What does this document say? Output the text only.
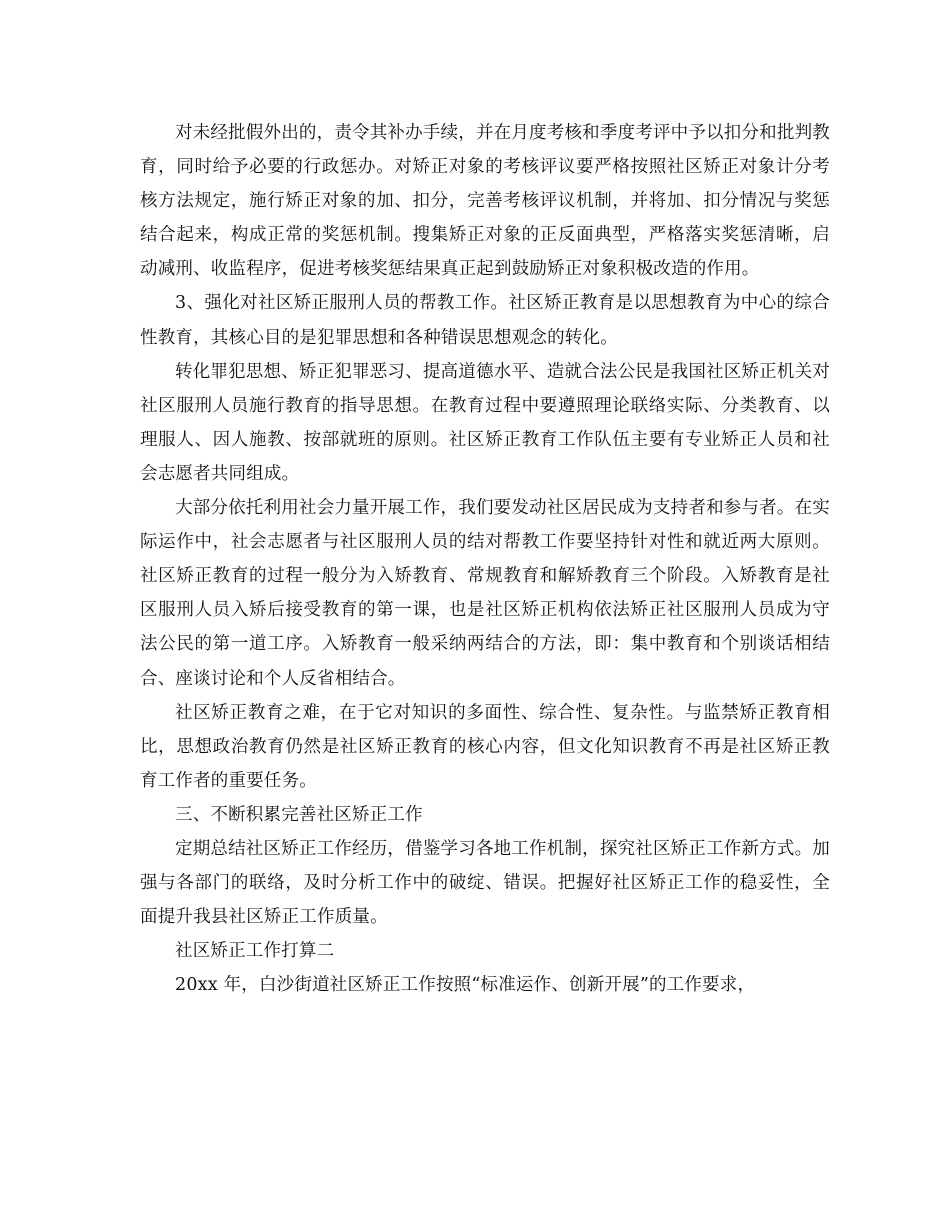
对未经批假外出的，责令其补办手续，并在月度考核和季度考评中予以扣分和批判教育，同时给予必要的行政惩办。对矫正对象的考核评议要严格按照社区矫正对象计分考核方法规定，施行矫正对象的加、扣分，完善考核评议机制，并将加、扣分情况与奖惩结合起来，构成正常的奖惩机制。搜集矫正对象的正反面典型，严格落实奖惩清晰，启动减刑、收监程序，促进考核奖惩结果真正起到鼓励矫正对象积极改造的作用。

3、强化对社区矫正服刑人员的帮教工作。社区矫正教育是以思想教育为中心的综合性教育，其核心目的是犯罪思想和各种错误思想观念的转化。

转化罪犯思想、矫正犯罪恶习、提高道德水平、造就合法公民是我国社区矫正机关对社区服刑人员施行教育的指导思想。在教育过程中要遵照理论联络实际、分类教育、以理服人、因人施教、按部就班的原则。社区矫正教育工作队伍主要有专业矫正人员和社会志愿者共同组成。

大部分依托利用社会力量开展工作，我们要发动社区居民成为支持者和参与者。在实际运作中，社会志愿者与社区服刑人员的结对帮教工作要坚持针对性和就近两大原则。社区矫正教育的过程一般分为入矫教育、常规教育和解矫教育三个阶段。入矫教育是社区服刑人员入矫后接受教育的第一课，也是社区矫正机构依法矫正社区服刑人员成为守法公民的第一道工序。入矫教育一般采纳两结合的方法，即：集中教育和个别谈话相结合、座谈讨论和个人反省相结合。

社区矫正教育之难，在于它对知识的多面性、综合性、复杂性。与监禁矫正教育相比，思想政治教育仍然是社区矫正教育的核心内容，但文化知识教育不再是社区矫正教育工作者的重要任务。

三、不断积累完善社区矫正工作

定期总结社区矫正工作经历，借鉴学习各地工作机制，探究社区矫正工作新方式。加强与各部门的联络，及时分析工作中的破绽、错误。把握好社区矫正工作的稳妥性，全面提升我县社区矫正工作质量。

社区矫正工作打算二

20xx 年，白沙街道社区矫正工作按照“标准运作、创新开展”的工作要求，
